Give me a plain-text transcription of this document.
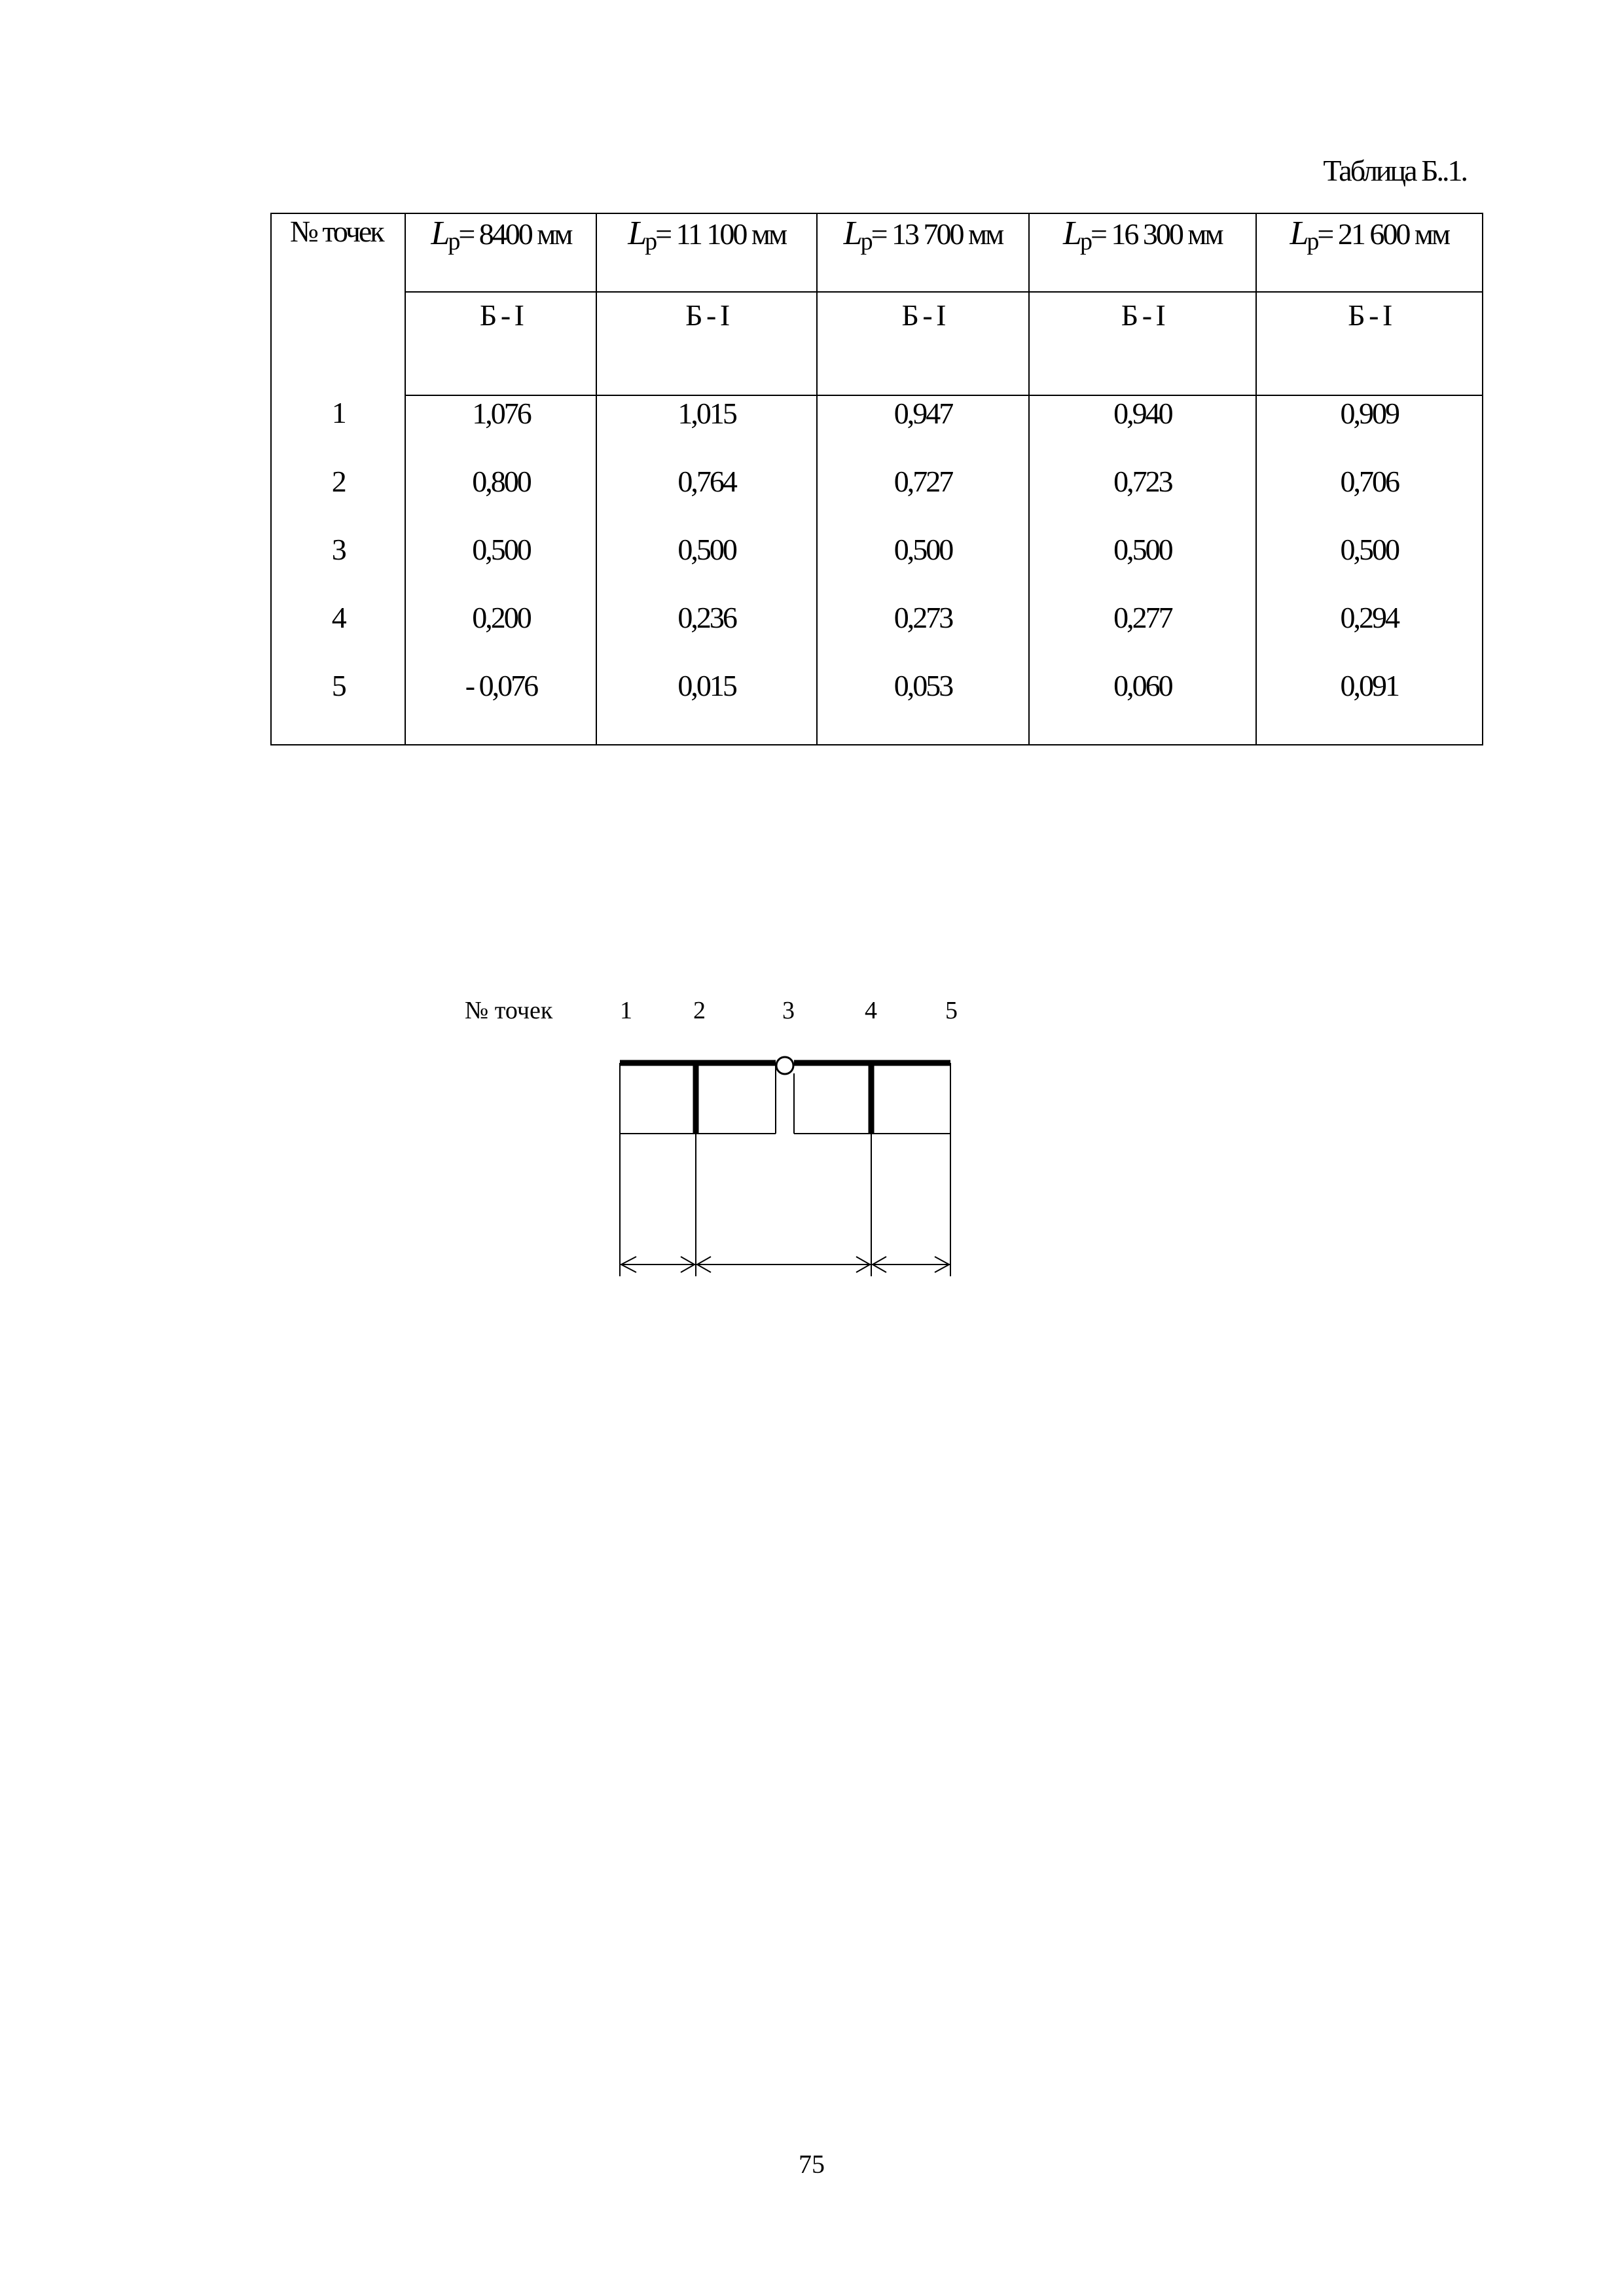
Таблица Б..1.
№ точек	Lp= 8400 мм	Lp= 11 100 мм	Lp= 13 700 мм	Lp= 16 300 мм	Lp= 21 600 мм
	Б - I	Б - I	Б - I	Б - I	Б - I
1	1,076	1,015	0,947	0,940	0,909
2	0,800	0,764	0,727	0,723	0,706
3	0,500	0,500	0,500	0,500	0,500
4	0,200	0,236	0,273	0,277	0,294
5	- 0,076	0,015	0,053	0,060	0,091
№ точек	1 2	3	4	5
75
